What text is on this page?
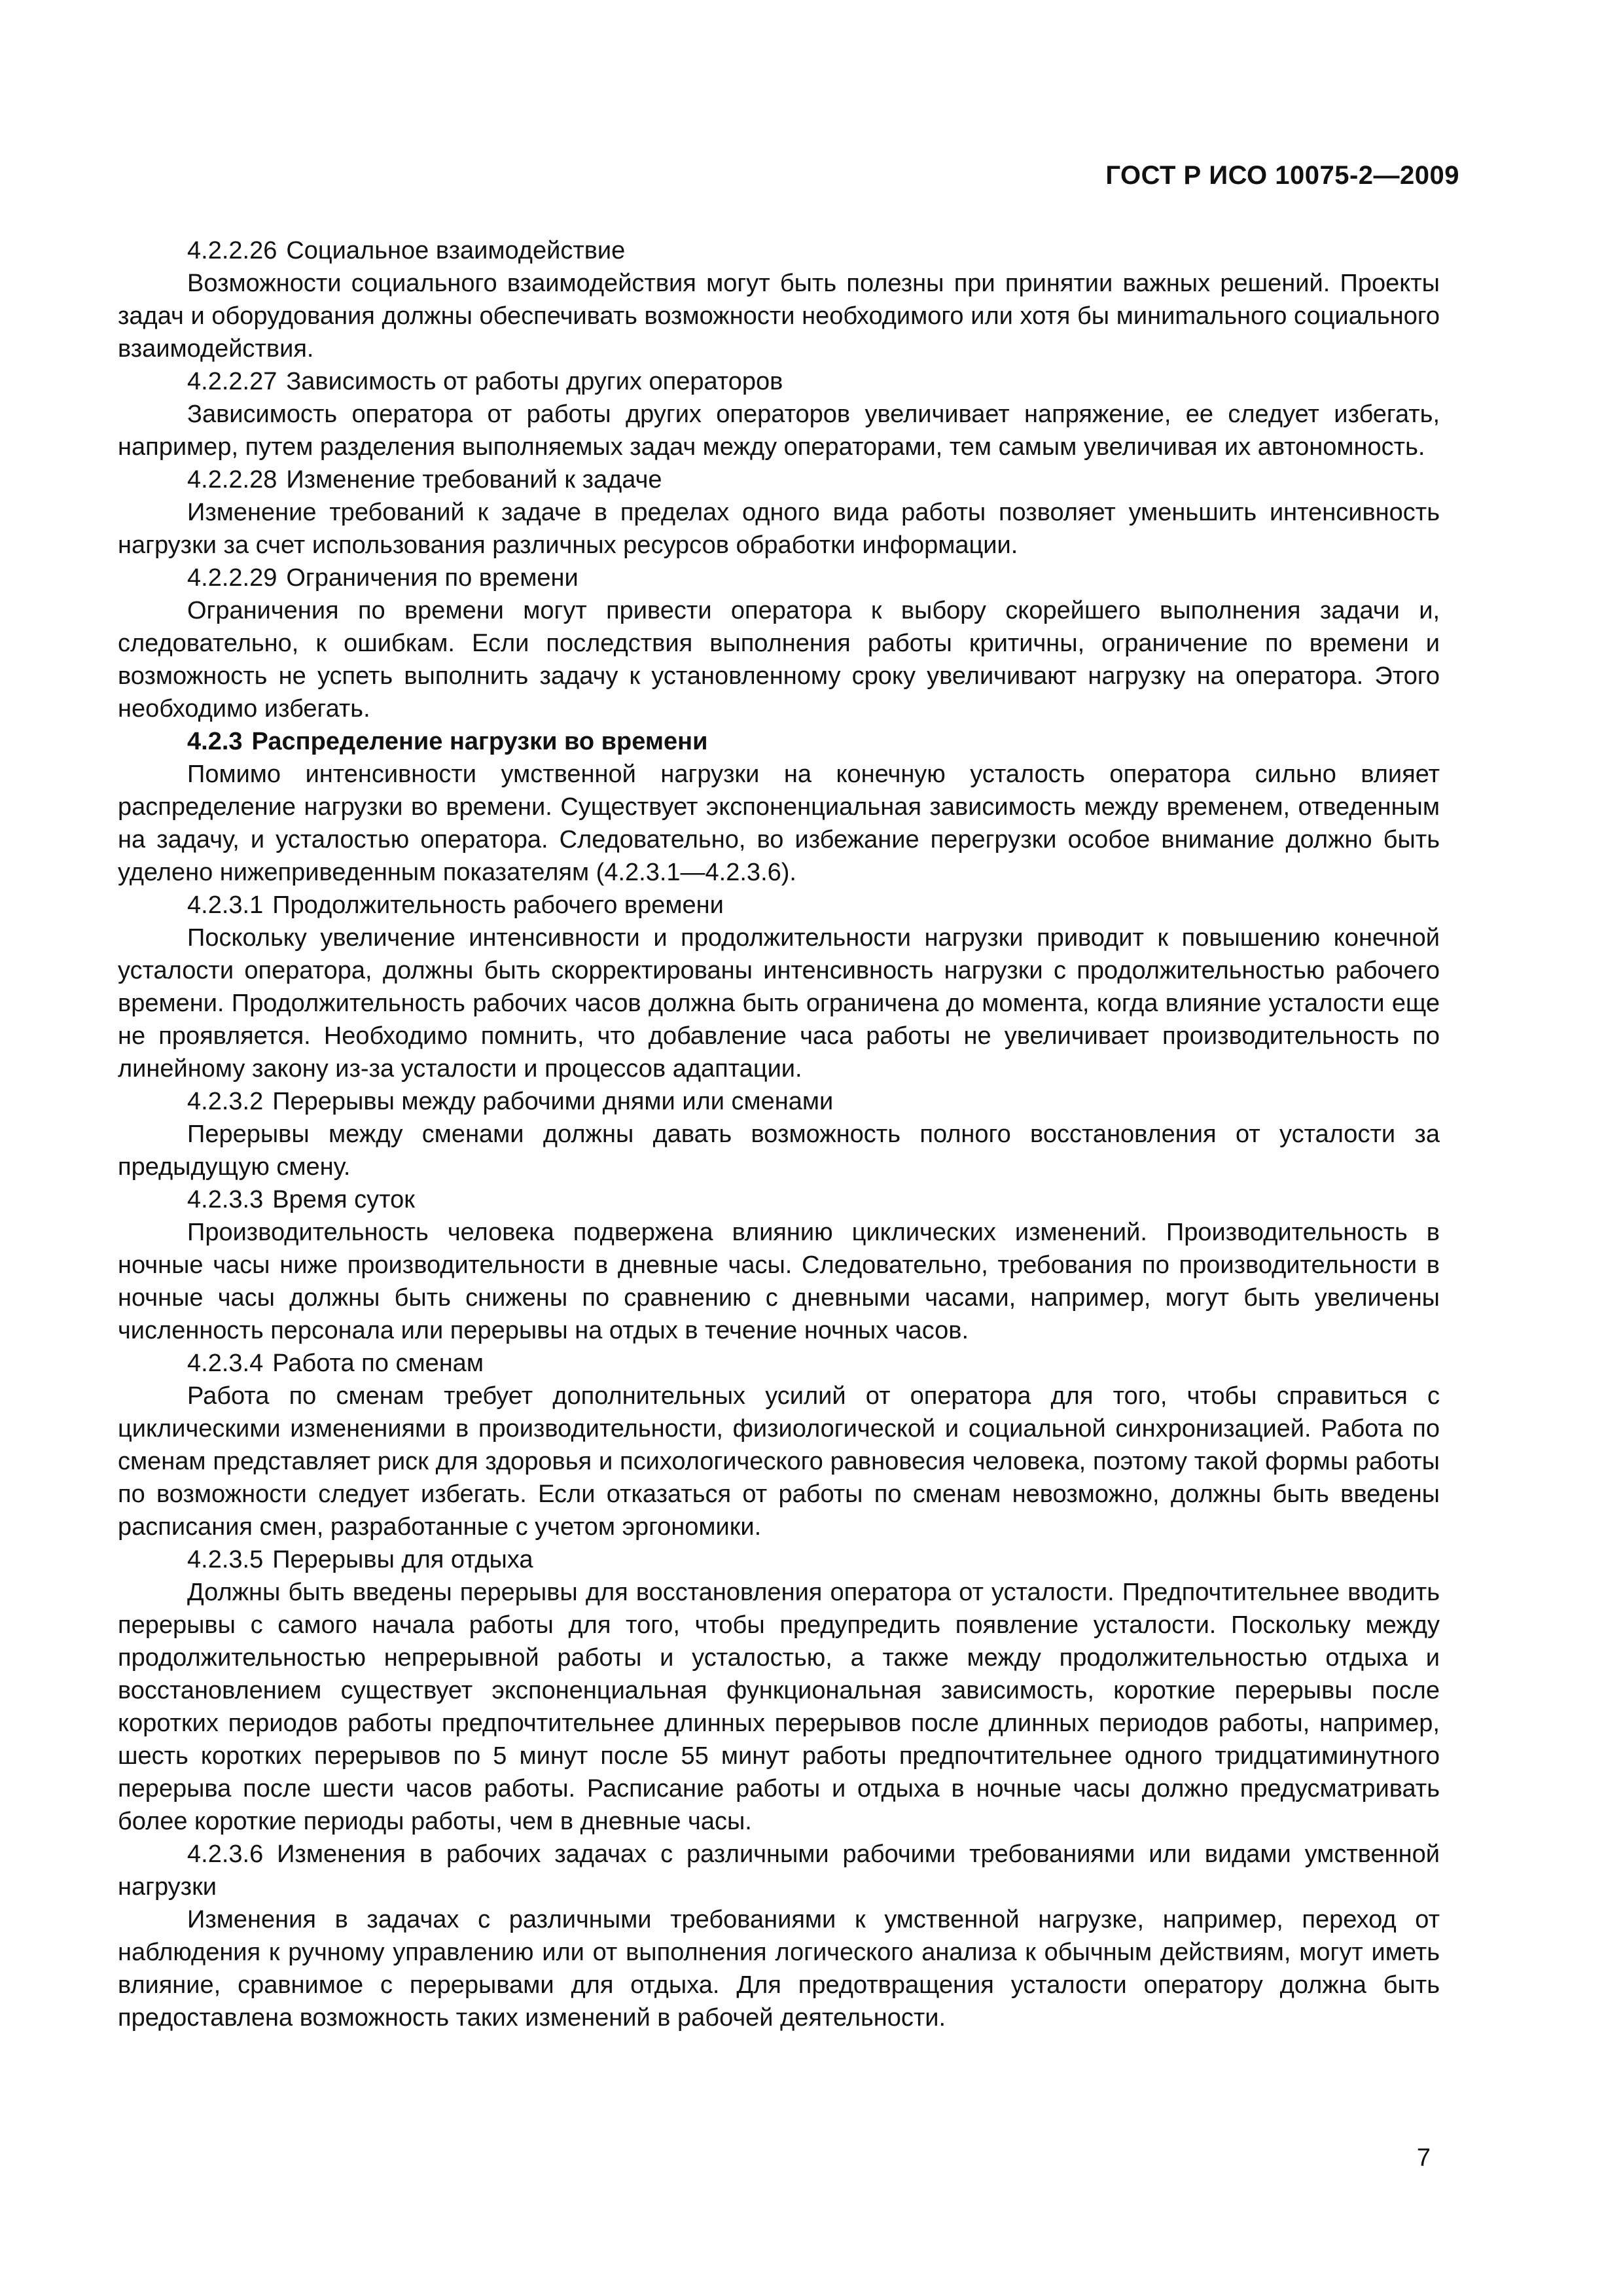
ГОСТ Р ИСО 10075-2—2009

4.2.2.26 Социальное взаимодействие

Возможности социального взаимодействия могут быть полезны при принятии важных решений. Проекты задач и оборудования должны обеспечивать возможности необходимого или хотя бы миниmального социального взаимодействия.

4.2.2.27 Зависимость от работы других операторов

Зависимость оператора от работы других операторов увеличивает напряжение, ее следует избегать, например, путем разделения выполняемых задач между операторами, тем самым увеличивая их автономность.

4.2.2.28 Изменение требований к задаче

Изменение требований к задаче в пределах одного вида работы позволяет уменьшить интенсивность нагрузки за счет использования различных ресурсов обработки информации.

4.2.2.29 Ограничения по времени

Ограничения по времени могут привести оператора к выбору скорейшего выполнения задачи и, следовательно, к ошибкам. Если последствия выполнения работы критичны, ограничение по времени и возможность не успеть выполнить задачу к установленному сроку увеличивают нагрузку на оператора. Этого необходимо избегать.

4.2.3 Распределение нагрузки во времени

Помимо интенсивности умственной нагрузки на конечную усталость оператора сильно влияет распределение нагрузки во времени. Существует экспоненциальная зависимость между временем, отведенным на задачу, и усталостью оператора. Следовательно, во избежание перегрузки особое внимание должно быть уделено нижеприведенным показателям (4.2.3.1—4.2.3.6).

4.2.3.1 Продолжительность рабочего времени

Поскольку увеличение интенсивности и продолжительности нагрузки приводит к повышению конечной усталости оператора, должны быть скорректированы интенсивность нагрузки с продолжительностью рабочего времени. Продолжительность рабочих часов должна быть ограничена до момента, когда влияние усталости еще не проявляется. Необходимо помнить, что добавление часа работы не увеличивает производительность по линейному закону из-за усталости и процессов адаптации.

4.2.3.2 Перерывы между рабочими днями или сменами

Перерывы между сменами должны давать возможность полного восстановления от усталости за предыдущую смену.

4.2.3.3 Время суток

Производительность человека подвержена влиянию циклических изменений. Производительность в ночные часы ниже производительности в дневные часы. Следовательно, требования по производительности в ночные часы должны быть снижены по сравнению с дневными часами, например, могут быть увеличены численность персонала или перерывы на отдых в течение ночных часов.

4.2.3.4 Работа по сменам

Работа по сменам требует дополнительных усилий от оператора для того, чтобы справиться с циклическими изменениями в производительности, физиологической и социальной синхронизацией. Работа по сменам представляет риск для здоровья и психологического равновесия человека, поэтому такой формы работы по возможности следует избегать. Если отказаться от работы по сменам невозможно, должны быть введены расписания смен, разработанные с учетом эргономики.

4.2.3.5 Перерывы для отдыха

Должны быть введены перерывы для восстановления оператора от усталости. Предпочтительнее вводить перерывы с самого начала работы для того, чтобы предупредить появление усталости. Поскольку между продолжительностью непрерывной работы и усталостью, а также между продолжительностью отдыха и восстановлением существует экспоненциальная функциональная зависимость, короткие перерывы после коротких периодов работы предпочтительнее длинных перерывов после длинных периодов работы, например, шесть коротких перерывов по 5 минут после 55 минут работы предпочтительнее одного тридцатиминутного перерыва после шести часов работы. Расписание работы и отдыха в ночные часы должно предусматривать более короткие периоды работы, чем в дневные часы.

4.2.3.6 Изменения в рабочих задачах с различными рабочими требованиями или видами умственной нагрузки

Изменения в задачах с различными требованиями к умственной нагрузке, например, переход от наблюдения к ручному управлению или от выполнения логического анализа к обычным действиям, могут иметь влияние, сравнимое с перерывами для отдыха. Для предотвращения усталости оператору должна быть предоставлена возможность таких изменений в рабочей деятельности.

7
